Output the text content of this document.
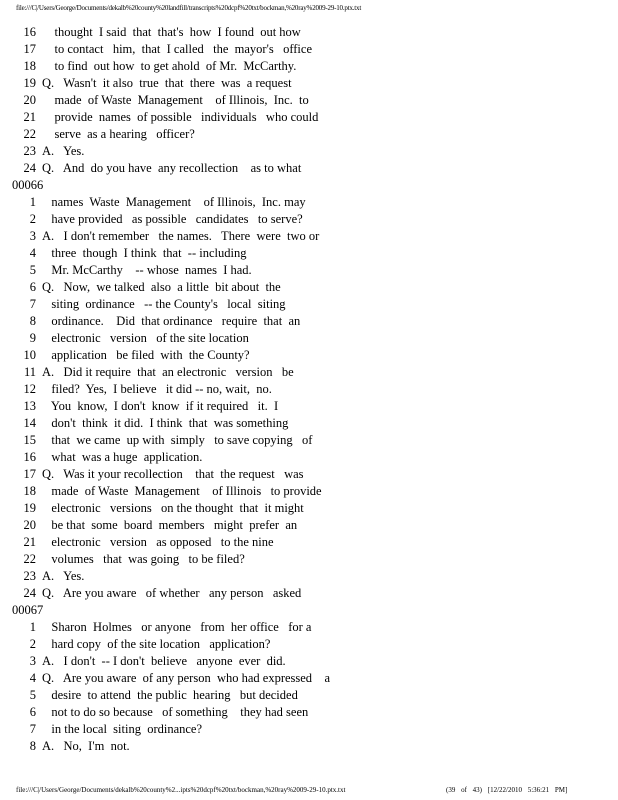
file:///C|/Users/George/Documents/dekalb%20county%20landfill/transcripts%20dcpf%20txt/bockman,%20ray%2009-29-10.ptx.txt
16 thought  I said  that  that's  how  I found  out how
17 to contact   him,  that  I called   the  mayor's   office
18 to find  out how  to get ahold  of Mr.  McCarthy.
19 Q.   Wasn't  it also  true  that  there  was  a request
20 made  of Waste  Management    of Illinois,  Inc.  to
21 provide  names  of possible   individuals   who could
22 serve  as a hearing   officer?
23 A.   Yes.
24 Q.   And  do you have  any recollection    as to what
00066
1 names  Waste  Management    of Illinois,  Inc. may
2 have provided   as possible   candidates   to serve?
3 A.   I don't remember   the names.   There  were  two or
4 three  though  I think  that  -- including
5 Mr. McCarthy    -- whose  names  I had.
6 Q.   Now,  we talked  also  a little  bit about  the
7 siting  ordinance   -- the County's   local  siting
8 ordinance.    Did  that ordinance   require  that  an
9 electronic   version   of the site location
10 application   be filed  with  the County?
11 A.   Did it require  that  an electronic   version   be
12 filed?  Yes,  I believe   it did -- no, wait,  no.
13 You  know,  I don't  know  if it required   it.  I
14 don't  think  it did.  I think  that  was something
15 that  we came  up with  simply   to save copying   of
16 what  was a huge  application.
17 Q.   Was it your recollection    that  the request   was
18 made  of Waste  Management    of Illinois   to provide
19 electronic   versions   on the thought  that  it might
20 be that  some  board  members   might  prefer  an
21 electronic   version   as opposed   to the nine
22 volumes   that  was going   to be filed?
23 A.   Yes.
24 Q.   Are you aware   of whether   any person   asked
00067
1 Sharon  Holmes   or anyone   from  her office   for a
2 hard copy  of the site location   application?
3 A.   I don't  -- I don't  believe   anyone  ever  did.
4 Q.   Are you aware  of any person  who had expressed    a
5 desire  to attend  the public  hearing   but decided
6 not to do so because   of something    they had seen
7 in the local  siting  ordinance?
8 A.   No,  I'm  not.
file:///C|/Users/George/Documents/dekalb%20county%2...ipts%20dcpf%20txt/bockman,%20ray%2009-29-10.ptx.txt	(39 of 43) [12/22/2010 5:36:21 PM]
